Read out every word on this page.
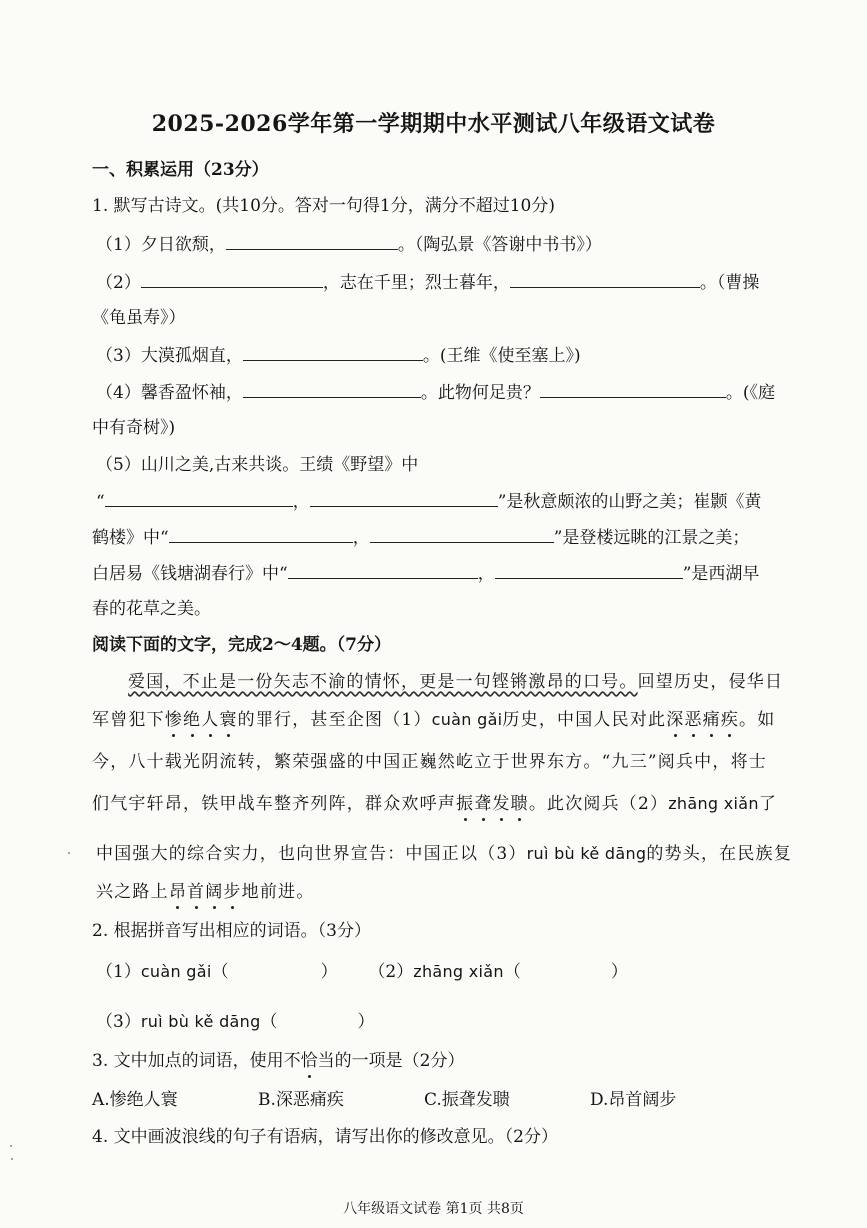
2025-2026学年第一学期期中水平测试八年级语文试卷
一、积累运用（23分）
1. 默写古诗文。(共10分。答对一句得1分，满分不超过10分)
（1）夕日欲颓，	。（陶弘景《答谢中书书》）
（2）	，志在千里；烈士暮年，	。（曹操
《龟虽寿》）
（3）大漠孤烟直，	。(王维《使至塞上》)
（4）馨香盈怀袖，	。此物何足贵？	。(《庭
中有奇树》)
（5）山川之美,古来共谈。王绩《野望》中
“	，	”是秋意颇浓的山野之美；崔颢《黄
鹤楼》中“	，	”是登楼远眺的江景之美；
白居易《钱塘湖春行》中“	，	”是西湖早
春的花草之美。
阅读下面的文字，完成2～4题。（7分）
爱国，不止是一份矢志不渝的情怀，更是一句铿锵激昂的口号。回望历史，侵华日
军曾犯下惨绝人寰的罪行，甚至企图（1）cuàn gǎi历史，中国人民对此深恶痛疾。如
今，八十载光阴流转，繁荣强盛的中国正巍然屹立于世界东方。“九三”阅兵中，将士
们气宇轩昂，铁甲战车整齐列阵，群众欢呼声振聋发聩。此次阅兵（2）zhāng xiǎn了
中国强大的综合实力，也向世界宣告：中国正以（3）ruì bù kě dāng的势头，在民族复
兴之路上昂首阔步地前进。
2. 根据拼音写出相应的词语。（3分）
（1）cuàn gǎi（	） （2）zhāng xiǎn（	）
（3）ruì bù kě dāng（	）
3. 文中加点的词语，使用不恰当的一项是（2分）
A.惨绝人寰	B.深恶痛疾	C.振聋发聩	D.昂首阔步
4. 文中画波浪线的句子有语病，请写出你的修改意见。（2分）
八年级语文试卷 第1页 共8页
